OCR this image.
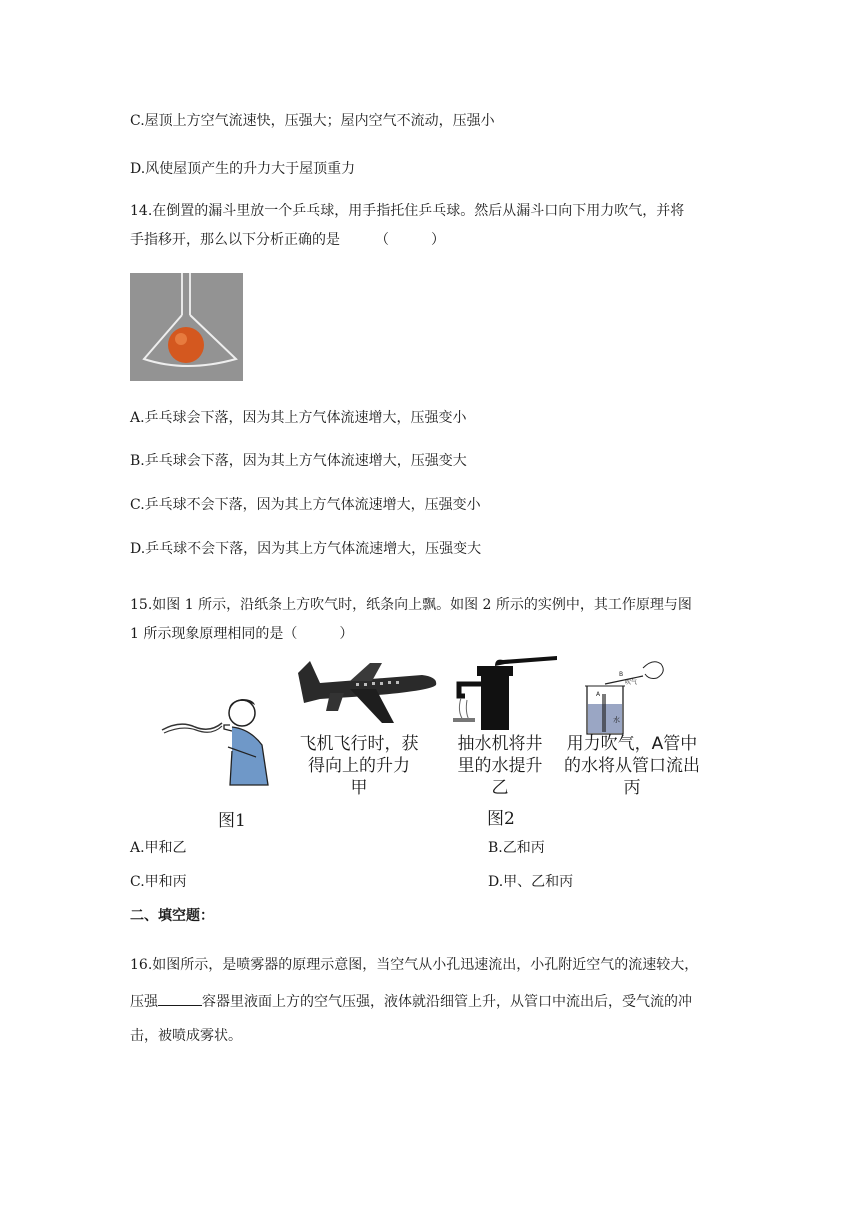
C.屋顶上方空气流速快，压强大；屋内空气不流动，压强小
D.风使屋顶产生的升力大于屋顶重力
14.在倒置的漏斗里放一个乒乓球，用手指托住乒乓球。然后从漏斗口向下用力吹气，并将
手指移开，那么以下分析正确的是　　　（　　　）
A.乒乓球会下落，因为其上方气体流速增大，压强变小
B.乒乓球会下落，因为其上方气体流速增大，压强变大
C.乒乓球不会下落，因为其上方气体流速增大，压强变小
D.乒乓球不会下落，因为其上方气体流速增大，压强变大
15.如图 1 所示，沿纸条上方吹气时，纸条向上飘。如图 2 所示的实例中，其工作原理与图
1 所示现象原理相同的是（　　　）
图1
A
B
吹气
水
飞机飞行时，获
得向上的升力
甲
抽水机将井
里的水提升
乙
用力吹气，A管中
的水将从管口流出
丙
图2
A.甲和乙	B.乙和丙
C.甲和丙	D.甲、乙和丙
二、填空题：
16.如图所示，是喷雾器的原理示意图，当空气从小孔迅速流出，小孔附近空气的流速较大，
压强	容器里液面上方的空气压强，液体就沿细管上升，从管口中流出后，受气流的冲
击，被喷成雾状。
